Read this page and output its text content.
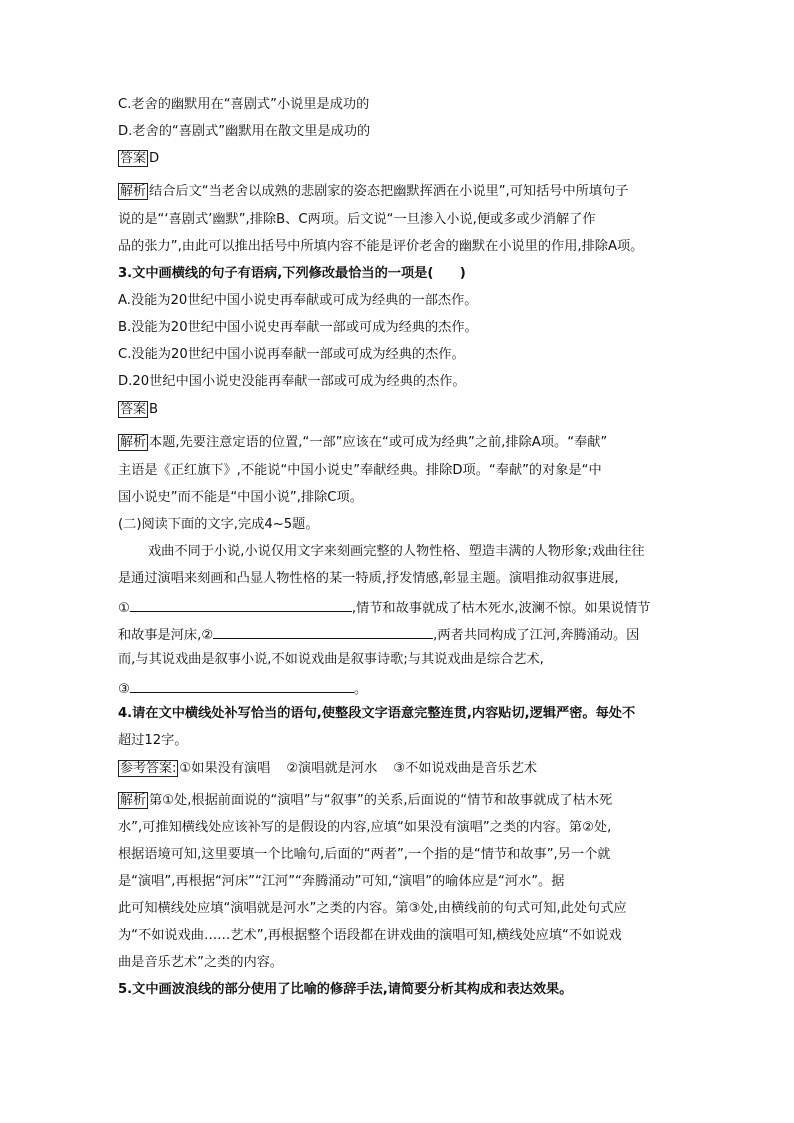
C.老舍的幽默用在“喜剧式”小说里是成功的
D.老舍的“喜剧式”幽默用在散文里是成功的
答案 D
解析 结合后文“当老舍以成熟的悲剧家的姿态把幽默挥洒在小说里”,可知括号中所填句子
说的是“‘喜剧式’幽默”,排除B、C两项。后文说“一旦渗入小说,便或多或少消解了作
品的张力”,由此可以推出括号中所填内容不能是评价老舍的幽默在小说里的作用,排除A项。
3.文中画横线的句子有语病,下列修改最恰当的一项是(　　)
A.没能为20世纪中国小说史再奉献或可成为经典的一部杰作。
B.没能为20世纪中国小说史再奉献一部或可成为经典的杰作。
C.没能为20世纪中国小说再奉献一部或可成为经典的杰作。
D.20世纪中国小说史没能再奉献一部或可成为经典的杰作。
答案 B
解析 本题,先要注意定语的位置,“一部”应该在“或可成为经典”之前,排除A项。“奉献”
主语是《正红旗下》,不能说“中国小说史”奉献经典。排除D项。“奉献”的对象是“中
国小说史”而不能是“中国小说”,排除C项。
(二)阅读下面的文字,完成4~5题。
戏曲不同于小说,小说仅用文字来刻画完整的人物性格、塑造丰满的人物形象;戏曲往往
是通过演唱来刻画和凸显人物性格的某一特质,抒发情感,彰显主题。演唱推动叙事进展,
①	,情节和故事就成了枯木死水,波澜不惊。如果说情节
和故事是河床,②	,两者共同构成了江河,奔腾涌动。因
而,与其说戏曲是叙事小说,不如说戏曲是叙事诗歌;与其说戏曲是综合艺术,
③	。
4.请在文中横线处补写恰当的语句,使整段文字语意完整连贯,内容贴切,逻辑严密。每处不
超过12字。
参考答案: ①如果没有演唱 ②演唱就是河水 ③不如说戏曲是音乐艺术
解析 第①处,根据前面说的“演唱”与“叙事”的关系,后面说的“情节和故事就成了枯木死
水”,可推知横线处应该补写的是假设的内容,应填“如果没有演唱”之类的内容。第②处,
根据语境可知,这里要填一个比喻句,后面的“两者”,一个指的是“情节和故事”,另一个就
是“演唱”,再根据“河床”“江河”“奔腾涌动”可知,“演唱”的喻体应是“河水”。据
此可知横线处应填“演唱就是河水”之类的内容。第③处,由横线前的句式可知,此处句式应
为“不如说戏曲……艺术”,再根据整个语段都在讲戏曲的演唱可知,横线处应填“不如说戏
曲是音乐艺术”之类的内容。
5.文中画波浪线的部分使用了比喻的修辞手法,请简要分析其构成和表达效果。
